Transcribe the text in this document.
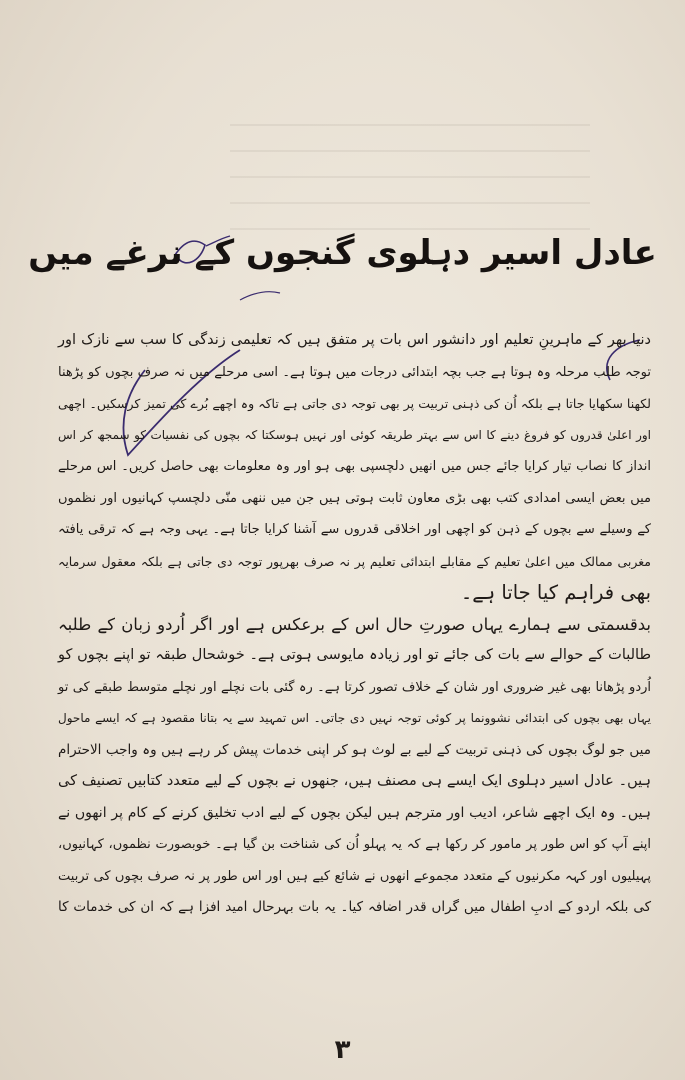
عادل اسیر دہلوی گنجوں کے نرغے میں
دنیا بھر کے ماہرینِ تعلیم اور دانشور اس بات پر متفق ہیں کہ تعلیمی زندگی کا سب سے نازک اور
توجہ طلب مرحلہ وہ ہوتا ہے جب بچہ ابتدائی درجات میں ہوتا ہے۔ اسی مرحلے میں نہ صرف بچوں کو پڑھنا
لکھنا سکھایا جاتا ہے بلکہ اُن کی ذہنی تربیت پر بھی توجہ دی جاتی ہے تاکہ وہ اچھے بُرے کی تمیز کرسکیں۔ اچھی
اور اعلیٰ قدروں کو فروغ دینے کا اس سے بہتر طریقہ کوئی اور نہیں ہوسکتا کہ بچوں کی نفسیات کو سمجھ کر اس
انداز کا نصاب تیار کرایا جائے جس میں انھیں دلچسپی بھی ہو اور وہ معلومات بھی حاصل کریں۔ اس مرحلے
میں بعض ایسی امدادی کتب بھی بڑی معاون ثابت ہوتی ہیں جن میں ننھی منّی دلچسپ کہانیوں اور نظموں
کے وسیلے سے بچوں کے ذہن کو اچھی اور اخلاقی قدروں سے آشنا کرایا جاتا ہے۔ یہی وجہ ہے کہ ترقی یافتہ
مغربی ممالک میں اعلیٰ تعلیم کے مقابلے ابتدائی تعلیم پر نہ صرف بھرپور توجہ دی جاتی ہے بلکہ معقول سرمایہ
بھی فراہم کیا جاتا ہے۔
بدقسمتی سے ہمارے یہاں صورتِ حال اس کے برعکس ہے اور اگر اُردو زبان کے طلبہ
طالبات کے حوالے سے بات کی جائے تو اور زیادہ مایوسی ہوتی ہے۔ خوشحال طبقہ تو اپنے بچوں کو
اُردو پڑھانا بھی غیر ضروری اور شان کے خلاف تصور کرتا ہے۔ رہ گئی بات نچلے اور نچلے متوسط طبقے کی تو
یہاں بھی بچوں کی ابتدائی نشوونما پر کوئی توجہ نہیں دی جاتی۔ اس تمہید سے یہ بتانا مقصود ہے کہ ایسے ماحول
میں جو لوگ بچوں کی ذہنی تربیت کے لیے بے لوث ہو کر اپنی خدمات پیش کر رہے ہیں وہ واجب الاحترام
ہیں۔ عادل اسیر دہلوی ایک ایسے ہی مصنف ہیں، جنھوں نے بچوں کے لیے متعدد کتابیں تصنیف کی
ہیں۔ وہ ایک اچھے شاعر، ادیب اور مترجم ہیں لیکن بچوں کے لیے ادب تخلیق کرنے کے کام پر انھوں نے
اپنے آپ کو اس طور پر مامور کر رکھا ہے کہ یہ پہلو اُن کی شناخت بن گیا ہے۔ خوبصورت نظموں، کہانیوں،
پہیلیوں اور کہہ مکرنیوں کے متعدد مجموعے انھوں نے شائع کیے ہیں اور اس طور پر نہ صرف بچوں کی تربیت
کی بلکہ اردو کے ادبِ اطفال میں گراں قدر اضافہ کیا۔ یہ بات بہرحال امید افزا ہے کہ ان کی خدمات کا
۳
